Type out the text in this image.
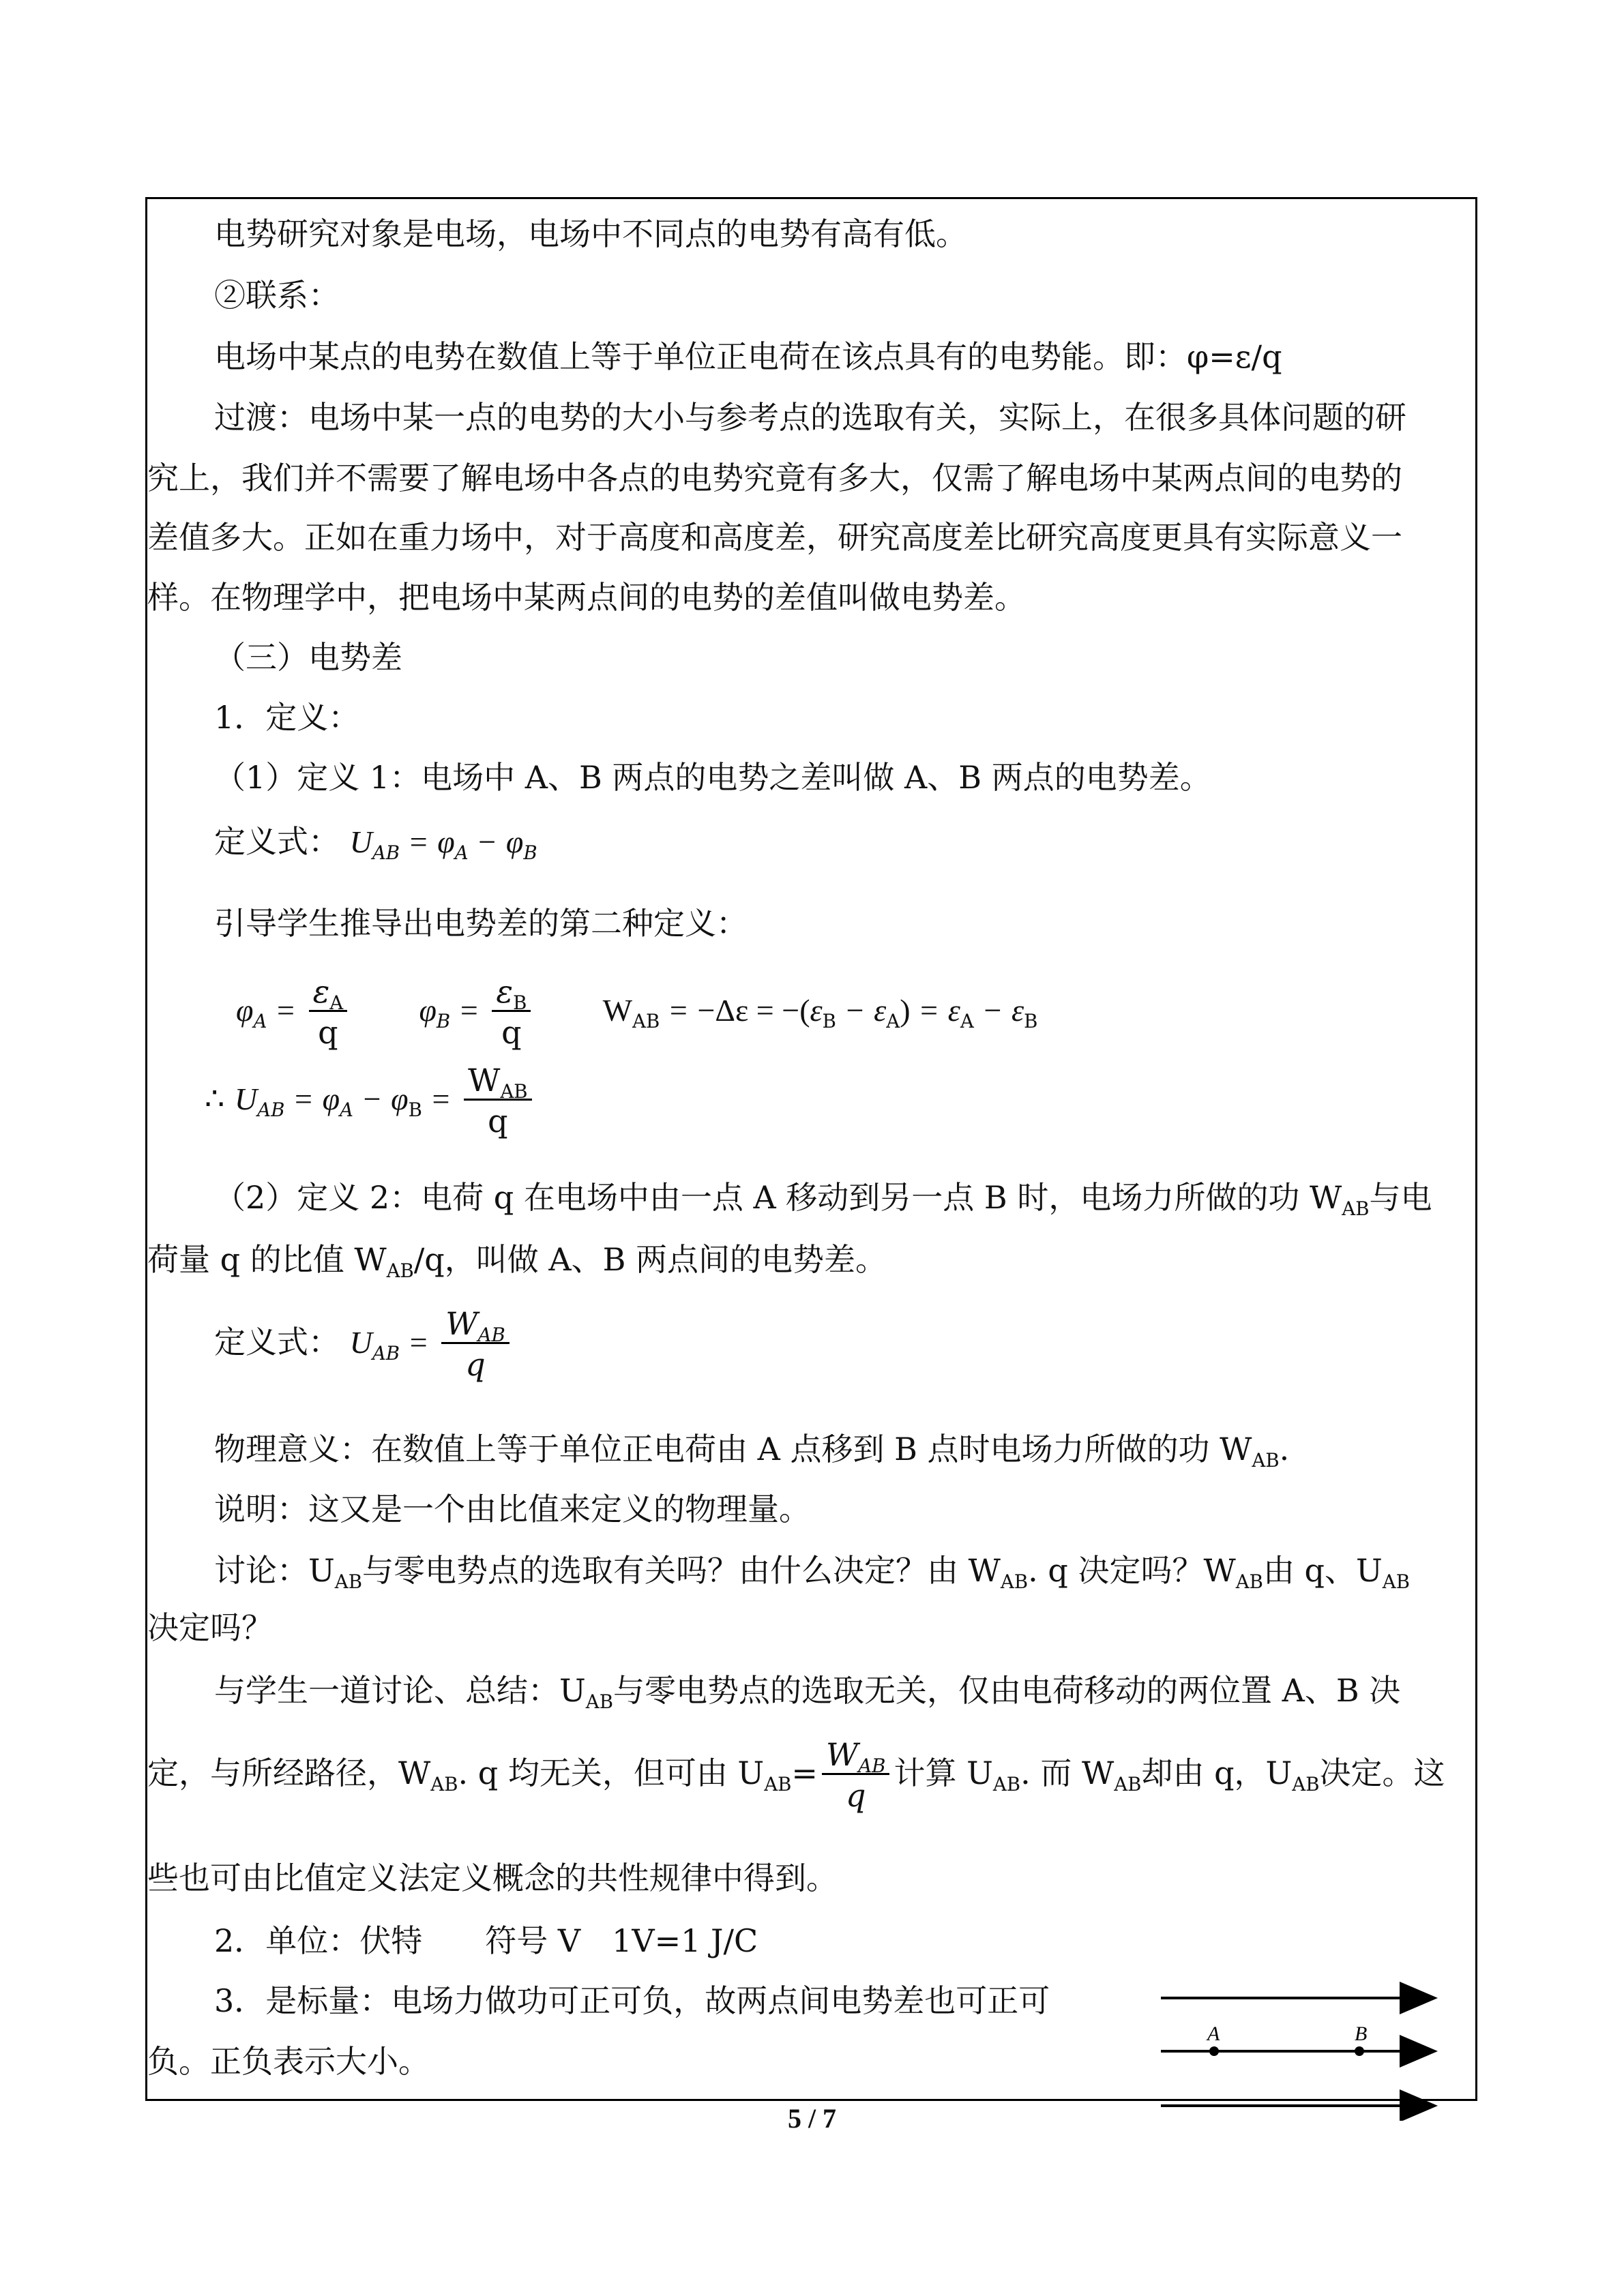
电势研究对象是电场，电场中不同点的电势有高有低。
②联系：
电场中某点的电势在数值上等于单位正电荷在该点具有的电势能。即：φ=ε/q
过渡：电场中某一点的电势的大小与参考点的选取有关，实际上，在很多具体问题的研
究上，我们并不需要了解电场中各点的电势究竟有多大，仅需了解电场中某两点间的电势的
差值多大。正如在重力场中，对于高度和高度差，研究高度差比研究高度更具有实际意义一
样。在物理学中，把电场中某两点间的电势的差值叫做电势差。
（三）电势差
1．定义：
（1）定义 1：电场中 A、B 两点的电势之差叫做 A、B 两点的电势差。
定义式： $U_{AB} = \varphi_A - \varphi_B$
引导学生推导出电势差的第二种定义：
$\varphi_A = \frac{\varepsilon_A}{q} \varphi_B = \frac{\varepsilon_B}{q} W_{AB} = -\Delta\varepsilon = -(\varepsilon_B - \varepsilon_A) = \varepsilon_A - \varepsilon_B$
∴ $U_{AB} = \varphi_A - \varphi_B = \frac{W_{AB}}{q}$
（2）定义 2：电荷 q 在电场中由一点 A 移动到另一点 B 时，电场力所做的功 $W_{AB}$与电
荷量 q 的比值 $W_{AB}/q$，叫做 A、B 两点间的电势差。
定义式： $U_{AB} = \frac{W_{AB}}{q}$
物理意义：在数值上等于单位正电荷由 A 点移到 B 点时电场力所做的功 $W_{AB}$.
说明：这又是一个由比值来定义的物理量。
讨论：$U_{AB}$与零电势点的选取有关吗？由什么决定？由 $W_{AB}$. q 决定吗？$W_{AB}$由 q、$U_{AB}$
决定吗？
与学生一道讨论、总结：$U_{AB}$与零电势点的选取无关，仅由电荷移动的两位置 A、B 决
定，与所经路径，$W_{AB}$. q 均无关，但可由 $U_{AB}= \frac{W_{AB}}{q}$ 计算 $U_{AB}$. 而 $W_{AB}$却由 q，$U_{AB}$决定。这
些也可由比值定义法定义概念的共性规律中得到。
2．单位：伏特　　符号 V　1V=1 J/C
3．是标量：电场力做功可正可负，故两点间电势差也可正可
负。正负表示大小。
A	B
5 / 7
